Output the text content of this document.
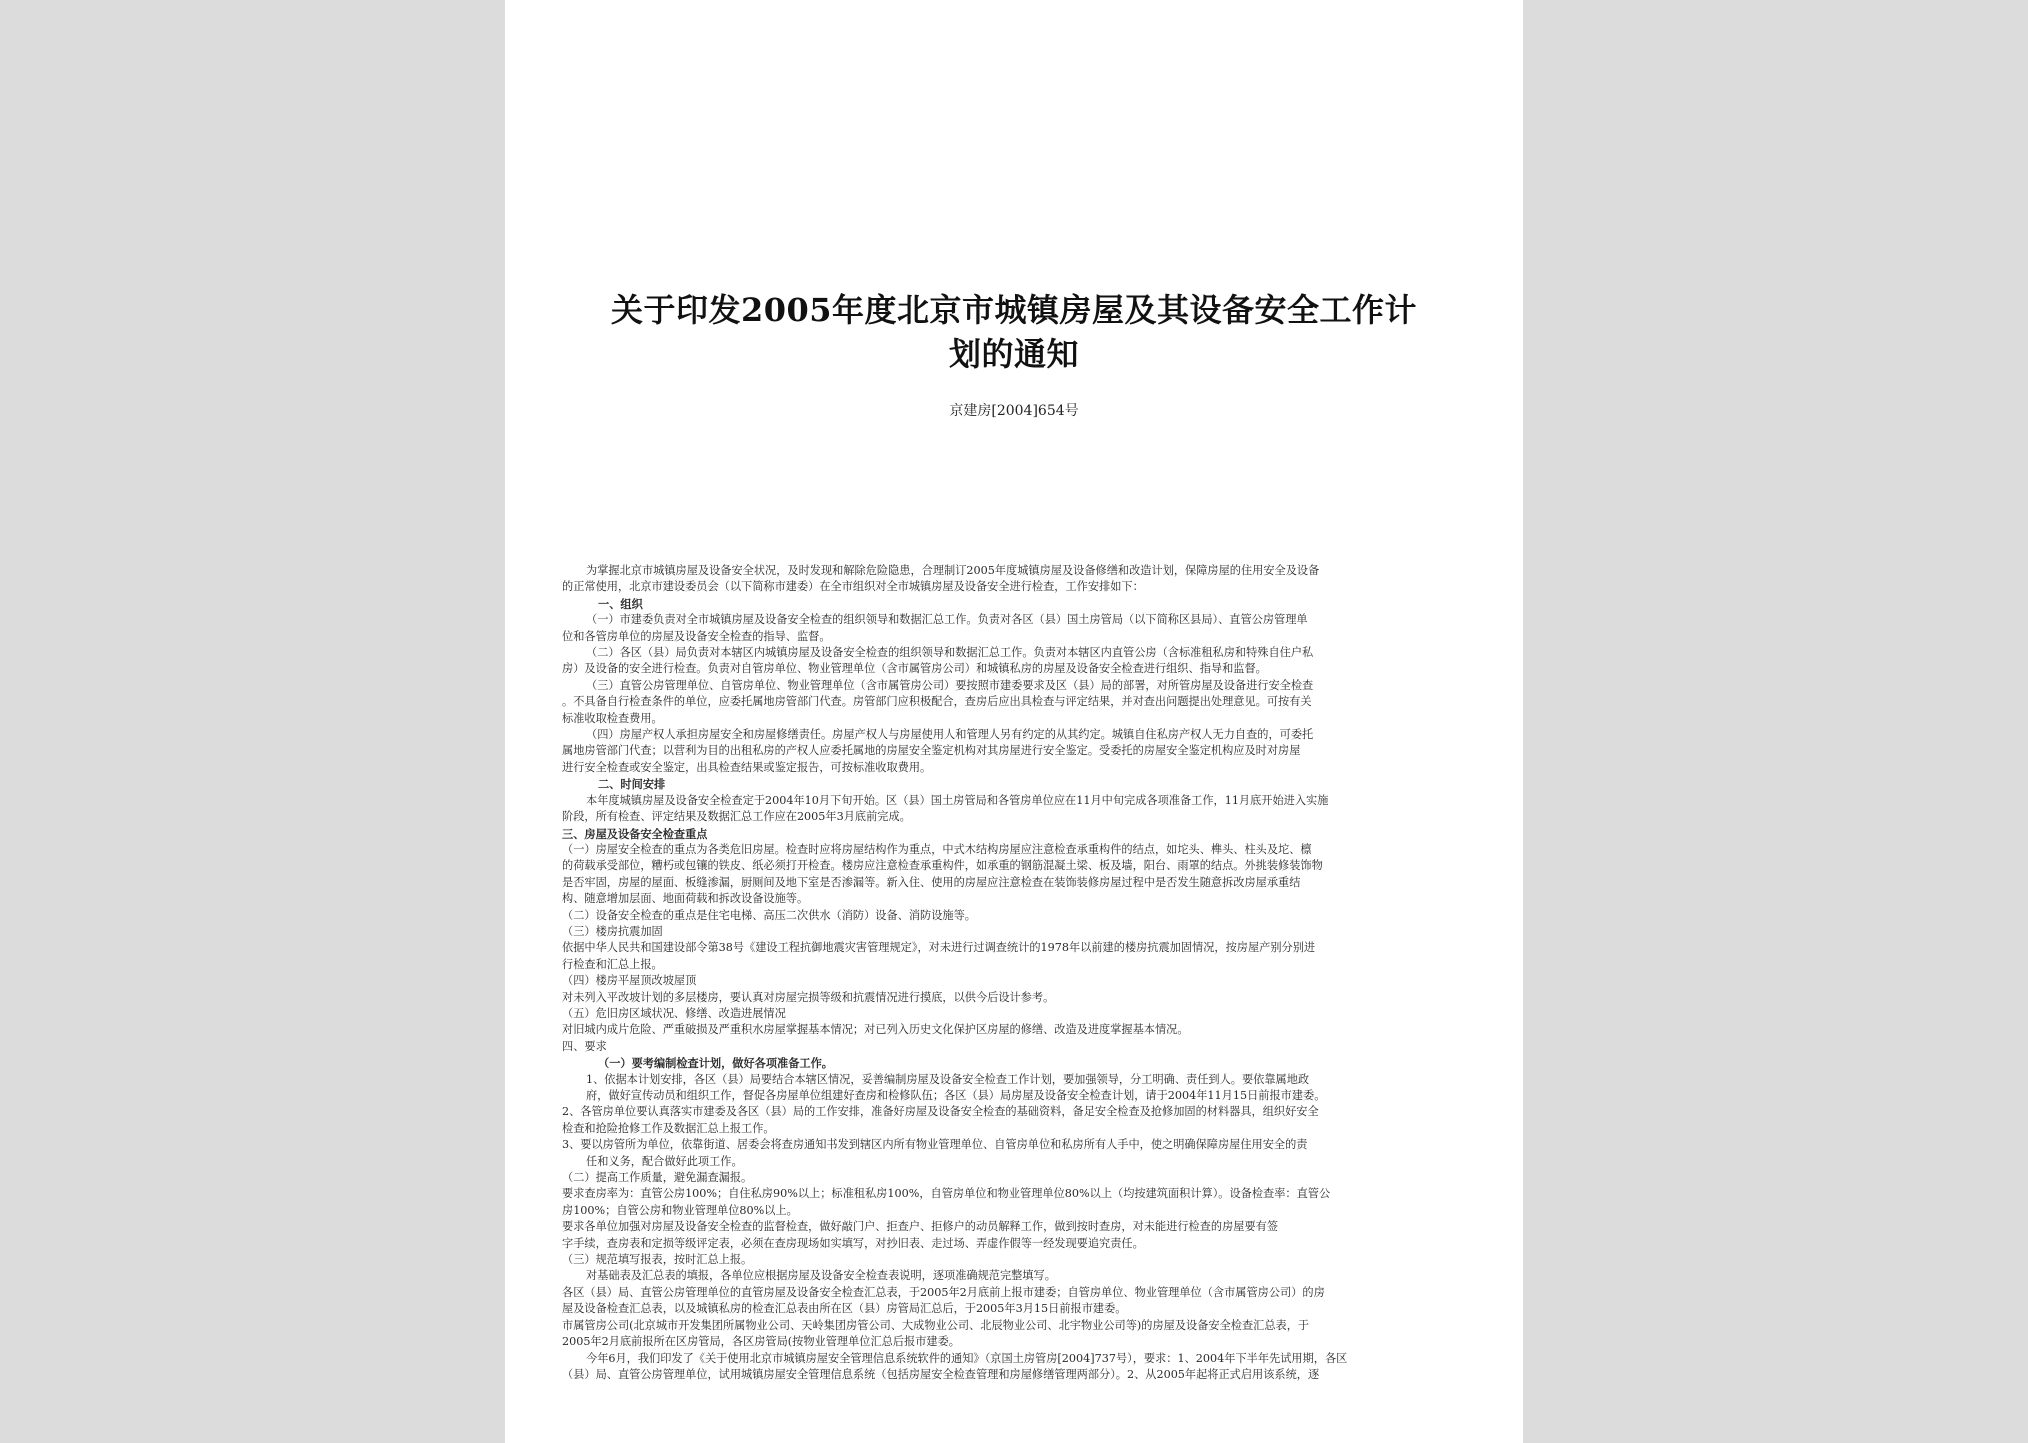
关于印发2005年度北京市城镇房屋及其设备安全工作计
划的通知
京建房[2004]654号

为掌握北京市城镇房屋及设备安全状况，及时发现和解除危险隐患，合理制订2005年度城镇房屋及设备修缮和改造计划，保障房屋的住用安全及设备

的正常使用，北京市建设委员会（以下简称市建委）在全市组织对全市城镇房屋及设备安全进行检查，工作安排如下：

一、组织

（一）市建委负责对全市城镇房屋及设备安全检查的组织领导和数据汇总工作。负责对各区（县）国土房管局（以下简称区县局）、直管公房管理单

位和各管房单位的房屋及设备安全检查的指导、监督。

（二）各区（县）局负责对本辖区内城镇房屋及设备安全检查的组织领导和数据汇总工作。负责对本辖区内直管公房（含标准租私房和特殊自住户私

房）及设备的安全进行检查。负责对自管房单位、物业管理单位（含市属管房公司）和城镇私房的房屋及设备安全检查进行组织、指导和监督。

（三）直管公房管理单位、自管房单位、物业管理单位（含市属管房公司）要按照市建委要求及区（县）局的部署，对所管房屋及设备进行安全检查

。不具备自行检查条件的单位，应委托属地房管部门代查。房管部门应积极配合，查房后应出具检查与评定结果，并对查出问题提出处理意见。可按有关

标准收取检查费用。

（四）房屋产权人承担房屋安全和房屋修缮责任。房屋产权人与房屋使用人和管理人另有约定的从其约定。城镇自住私房产权人无力自查的，可委托

属地房管部门代查；以营利为目的出租私房的产权人应委托属地的房屋安全鉴定机构对其房屋进行安全鉴定。受委托的房屋安全鉴定机构应及时对房屋

进行安全检查或安全鉴定，出具检查结果或鉴定报告，可按标准收取费用。

二、时间安排

本年度城镇房屋及设备安全检查定于2004年10月下旬开始。区（县）国土房管局和各管房单位应在11月中旬完成各项准备工作，11月底开始进入实施

阶段，所有检查、评定结果及数据汇总工作应在2005年3月底前完成。

三、房屋及设备安全检查重点

（一）房屋安全检查的重点为各类危旧房屋。检查时应将房屋结构作为重点，中式木结构房屋应注意检查承重构件的结点，如坨头、榫头、柱头及坨、檩

的荷载承受部位，糟朽或包镶的铁皮、纸必须打开检查。楼房应注意检查承重构件，如承重的钢筋混凝土梁、板及墙，阳台、雨罩的结点。外挑装修装饰物

是否牢固，房屋的屋面、板缝渗漏，厨厕间及地下室是否渗漏等。新入住、使用的房屋应注意检查在装饰装修房屋过程中是否发生随意拆改房屋承重结

构、随意增加层面、地面荷载和拆改设备设施等。

（二）设备安全检查的重点是住宅电梯、高压二次供水（消防）设备、消防设施等。

（三）楼房抗震加固

依据中华人民共和国建设部令第38号《建设工程抗御地震灾害管理规定》，对未进行过调查统计的1978年以前建的楼房抗震加固情况，按房屋产别分别进

行检查和汇总上报。

（四）楼房平屋顶改坡屋顶

对未列入平改坡计划的多层楼房，要认真对房屋完损等级和抗震情况进行摸底，以供今后设计参考。

（五）危旧房区域状况、修缮、改造进展情况

对旧城内成片危险、严重破损及严重积水房屋掌握基本情况；对已列入历史文化保护区房屋的修缮、改造及进度掌握基本情况。

四、要求

（一）要考编制检查计划，做好各项准备工作。

1、依据本计划安排，各区（县）局要结合本辖区情况，妥善编制房屋及设备安全检查工作计划，要加强领导，分工明确、责任到人。要依靠属地政

府，做好宣传动员和组织工作，督促各房屋单位组建好查房和检修队伍；各区（县）局房屋及设备安全检查计划，请于2004年11月15日前报市建委。

2、各管房单位要认真落实市建委及各区（县）局的工作安排，准备好房屋及设备安全检查的基础资料，备足安全检查及抢修加固的材料器具，组织好安全

检查和抢险抢修工作及数据汇总上报工作。

3、要以房管所为单位，依靠街道、居委会将查房通知书发到辖区内所有物业管理单位、自管房单位和私房所有人手中，使之明确保障房屋住用安全的责

任和义务，配合做好此项工作。

（二）提高工作质量，避免漏查漏报。

要求查房率为：直管公房100%；自住私房90%以上；标准租私房100%，自管房单位和物业管理单位80%以上（均按建筑面积计算）。设备检查率：直管公

房100%；自管公房和物业管理单位80%以上。

要求各单位加强对房屋及设备安全检查的监督检查，做好敲门户、拒查户、拒修户的动员解释工作，做到按时查房，对未能进行检查的房屋要有签

字手续，查房表和定损等级评定表，必须在查房现场如实填写，对抄旧表、走过场、弄虚作假等一经发现要追究责任。

（三）规范填写报表，按时汇总上报。

对基础表及汇总表的填报，各单位应根据房屋及设备安全检查表说明，逐项准确规范完整填写。

各区（县）局、直管公房管理单位的直管房屋及设备安全检查汇总表，于2005年2月底前上报市建委；自管房单位、物业管理单位（含市属管房公司）的房

屋及设备检查汇总表，以及城镇私房的检查汇总表由所在区（县）房管局汇总后，于2005年3月15日前报市建委。

市属管房公司(北京城市开发集团所属物业公司、天岭集团房管公司、大成物业公司、北辰物业公司、北宇物业公司等)的房屋及设备安全检查汇总表，于

2005年2月底前报所在区房管局，各区房管局(按物业管理单位汇总后报市建委。

今年6月，我们印发了《关于使用北京市城镇房屋安全管理信息系统软件的通知》（京国土房管房[2004]737号），要求：1、2004年下半年先试用期，各区

（县）局、直管公房管理单位，试用城镇房屋安全管理信息系统（包括房屋安全检查管理和房屋修缮管理两部分）。2、从2005年起将正式启用该系统，逐
